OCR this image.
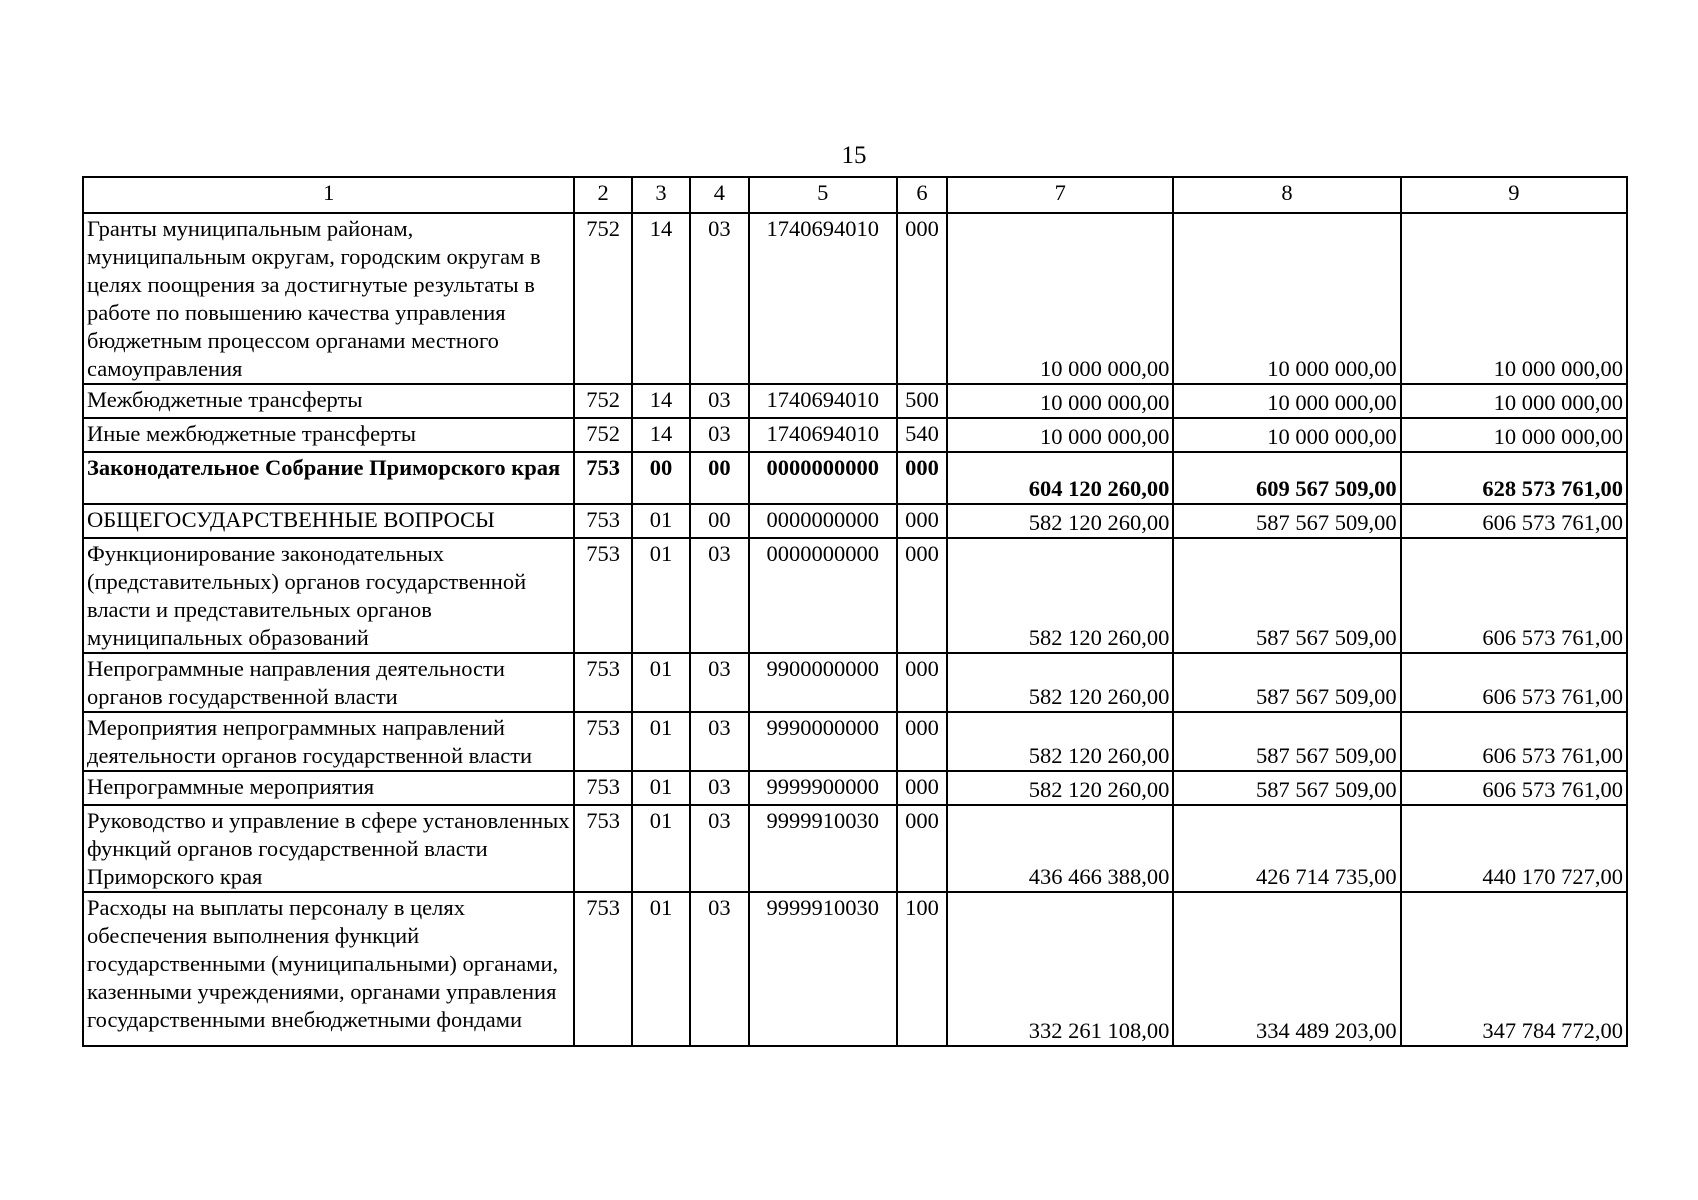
15
1	2	3	4	5	6	7	8	9
Гранты муниципальным районам, муниципальным округам, городским округам в целях поощрения за достигнутые результаты в работе по повышению качества управления бюджетным процессом органами местного самоуправления	752	14	03	1740694010	000	10 000 000,00	10 000 000,00	10 000 000,00
Межбюджетные трансферты	752	14	03	1740694010	500	10 000 000,00	10 000 000,00	10 000 000,00
Иные межбюджетные трансферты	752	14	03	1740694010	540	10 000 000,00	10 000 000,00	10 000 000,00
Законодательное Собрание Приморского края	753	00	00	0000000000	000	604 120 260,00	609 567 509,00	628 573 761,00
ОБЩЕГОСУДАРСТВЕННЫЕ ВОПРОСЫ	753	01	00	0000000000	000	582 120 260,00	587 567 509,00	606 573 761,00
Функционирование законодательных (представительных) органов государственной власти и представительных органов муниципальных образований	753	01	03	0000000000	000	582 120 260,00	587 567 509,00	606 573 761,00
Непрограммные направления деятельности органов государственной власти	753	01	03	9900000000	000	582 120 260,00	587 567 509,00	606 573 761,00
Мероприятия непрограммных направлений деятельности органов государственной власти	753	01	03	9990000000	000	582 120 260,00	587 567 509,00	606 573 761,00
Непрограммные мероприятия	753	01	03	9999900000	000	582 120 260,00	587 567 509,00	606 573 761,00
Руководство и управление в сфере установленных функций органов государственной власти Приморского края	753	01	03	9999910030	000	436 466 388,00	426 714 735,00	440 170 727,00
Расходы на выплаты персоналу в целях обеспечения выполнения функций государственными (муниципальными) органами, казенными учреждениями, органами управления государственными внебюджетными фондами	753	01	03	9999910030	100	332 261 108,00	334 489 203,00	347 784 772,00
